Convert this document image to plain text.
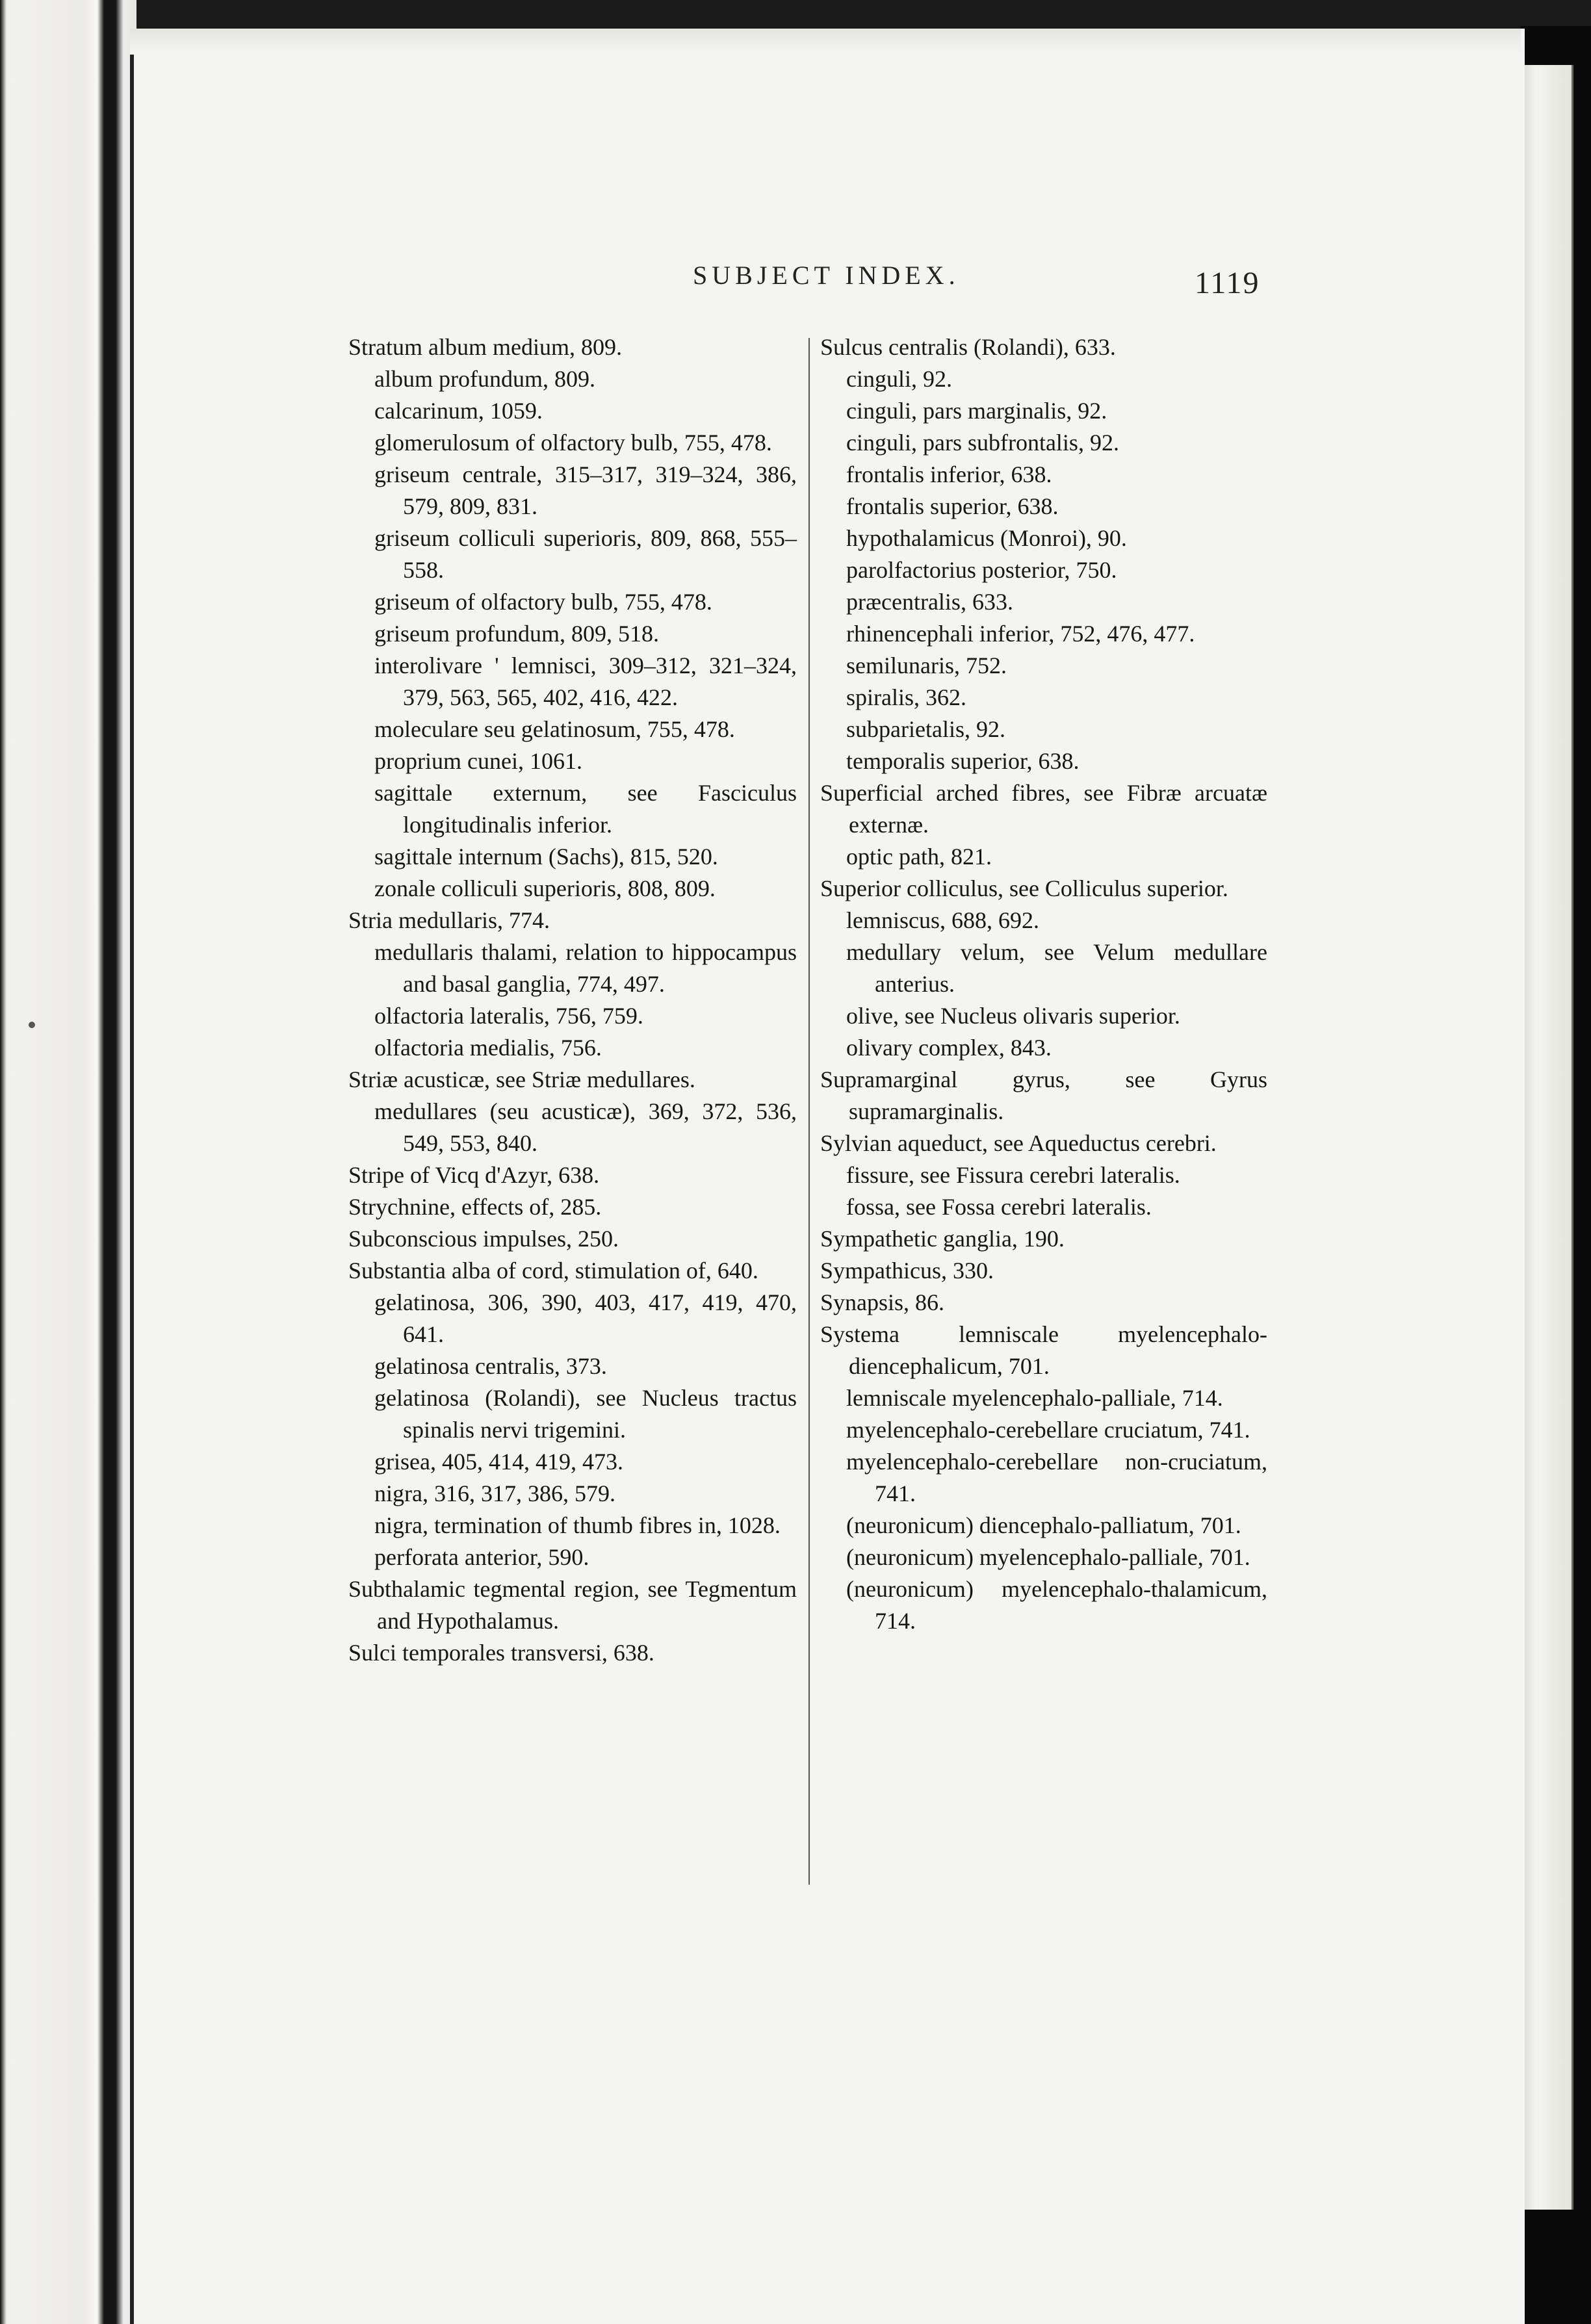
SUBJECT INDEX.	1119

Stratum album medium, 809.

album profundum, 809.

calcarinum, 1059.

glomerulosum of olfactory bulb, 755, 478.

griseum centrale, 315–317, 319–324, 386, 579, 809, 831.

griseum colliculi superioris, 809, 868, 555–558.

griseum of olfactory bulb, 755, 478.

griseum profundum, 809, 518.

interolivare ' lemnisci, 309–312, 321–324, 379, 563, 565, 402, 416, 422.

moleculare seu gelatinosum, 755, 478.

proprium cunei, 1061.

sagittale externum, see Fasciculus longitudinalis inferior.

sagittale internum (Sachs), 815, 520.

zonale colliculi superioris, 808, 809.

Stria medullaris, 774.

medullaris thalami, relation to hippocampus and basal ganglia, 774, 497.

olfactoria lateralis, 756, 759.

olfactoria medialis, 756.

Striæ acusticæ, see Striæ medullares.

medullares (seu acusticæ), 369, 372, 536, 549, 553, 840.

Stripe of Vicq d'Azyr, 638.

Strychnine, effects of, 285.

Subconscious impulses, 250.

Substantia alba of cord, stimulation of, 640.

gelatinosa, 306, 390, 403, 417, 419, 470, 641.

gelatinosa centralis, 373.

gelatinosa (Rolandi), see Nucleus tractus spinalis nervi trigemini.

grisea, 405, 414, 419, 473.

nigra, 316, 317, 386, 579.

nigra, termination of thumb fibres in, 1028.

perforata anterior, 590.

Subthalamic tegmental region, see Tegmentum and Hypothalamus.

Sulci temporales transversi, 638.

Sulcus centralis (Rolandi), 633.

cinguli, 92.

cinguli, pars marginalis, 92.

cinguli, pars subfrontalis, 92.

frontalis inferior, 638.

frontalis superior, 638.

hypothalamicus (Monroi), 90.

parolfactorius posterior, 750.

præcentralis, 633.

rhinencephali inferior, 752, 476, 477.

semilunaris, 752.

spiralis, 362.

subparietalis, 92.

temporalis superior, 638.

Superficial arched fibres, see Fibræ arcuatæ externæ.

optic path, 821.

Superior colliculus, see Colliculus superior.

lemniscus, 688, 692.

medullary velum, see Velum medullare anterius.

olive, see Nucleus olivaris superior.

olivary complex, 843.

Supramarginal gyrus, see Gyrus supramarginalis.

Sylvian aqueduct, see Aqueductus cerebri.

fissure, see Fissura cerebri lateralis.

fossa, see Fossa cerebri lateralis.

Sympathetic ganglia, 190.

Sympathicus, 330.

Synapsis, 86.

Systema lemniscale myelencephalo-diencephalicum, 701.

lemniscale myelencephalo-palliale, 714.

myelencephalo-cerebellare cruciatum, 741.

myelencephalo-cerebellare non-cruciatum, 741.

(neuronicum) diencephalo-palliatum, 701.

(neuronicum) myelencephalo-palliale, 701.

(neuronicum) myelencephalo-thalamicum, 714.
